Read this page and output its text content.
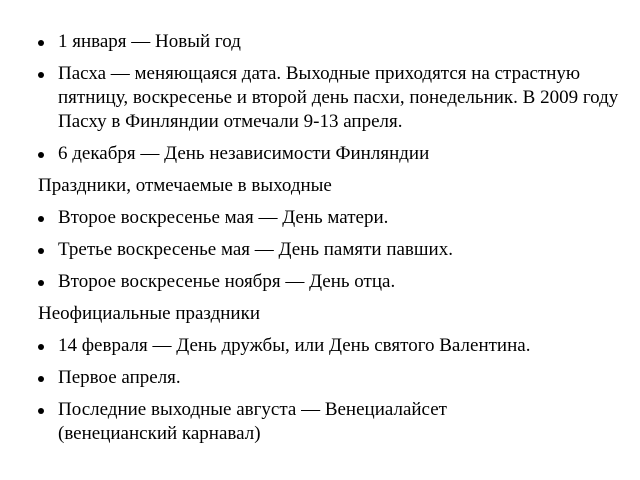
1 января — Новый год
Пасха — меняющаяся дата. Выходные приходятся на страстную пятницу, воскресенье и второй день пасхи, понедельник. В 2009 году Пасху в Финляндии отмечали 9-13 апреля.
6 декабря — День независимости Финляндии
Праздники, отмечаемые в выходные
Второе воскресенье мая — День матери.
Третье воскресенье мая — День памяти павших.
Второе воскресенье ноября — День отца.
Неофициальные праздники
14 февраля — День дружбы, или День святого Валентина.
Первое апреля.
Последние выходные августа — Венециалайсет (венецианский карнавал)
